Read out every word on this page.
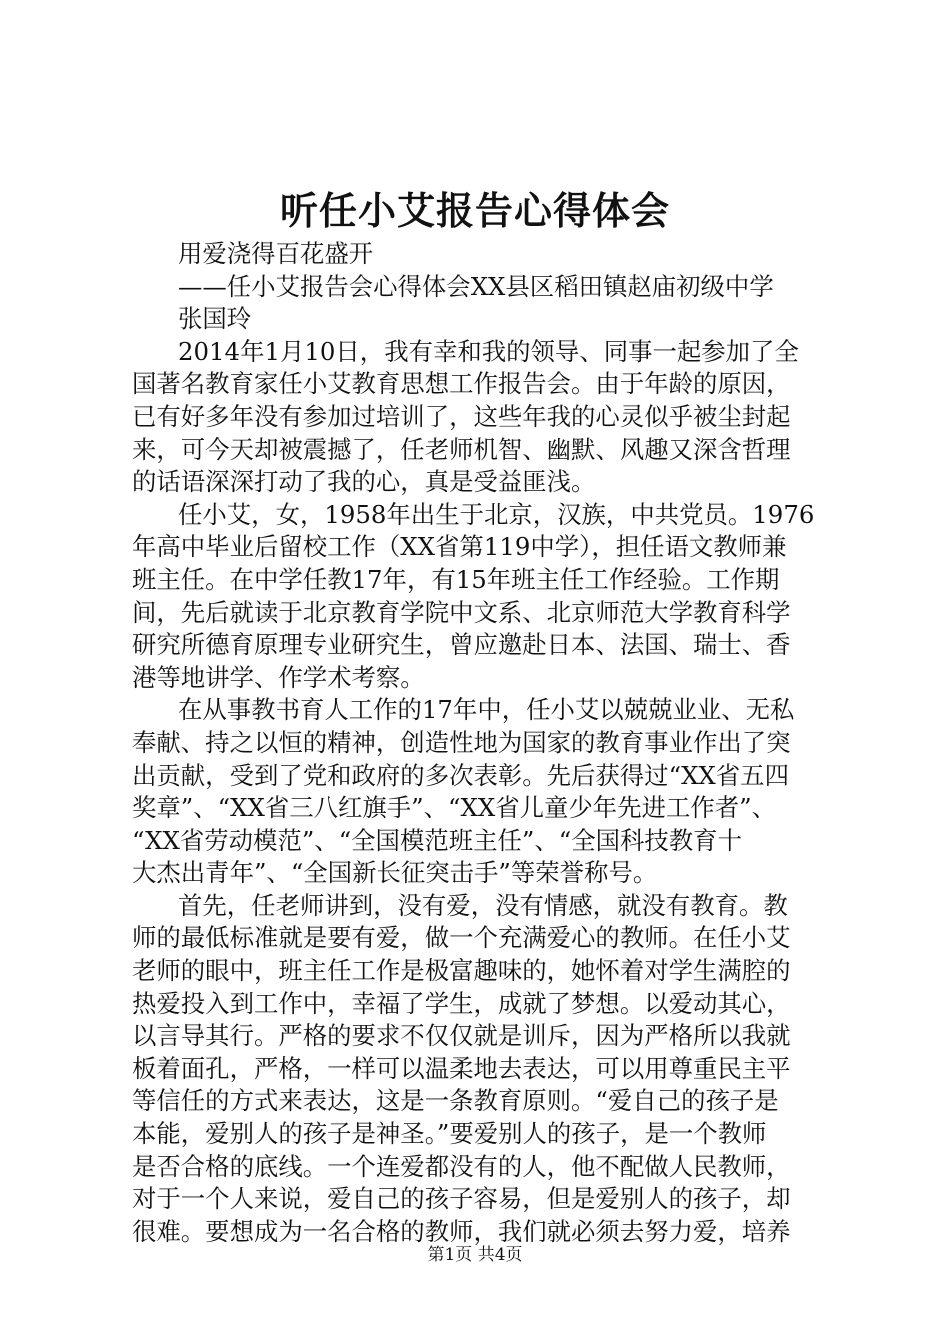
听任小艾报告心得体会
用爱浇得百花盛开
——任小艾报告会心得体会XX县区稻田镇赵庙初级中学
张国玲
2014年1月10日，我有幸和我的领导、同事一起参加了全
国著名教育家任小艾教育思想工作报告会。由于年龄的原因，
已有好多年没有参加过培训了，这些年我的心灵似乎被尘封起
来，可今天却被震撼了，任老师机智、幽默、风趣又深含哲理
的话语深深打动了我的心，真是受益匪浅。
任小艾，女，1958年出生于北京，汉族，中共党员。1976
年高中毕业后留校工作（XX省第119中学），担任语文教师兼
班主任。在中学任教17年，有15年班主任工作经验。工作期
间，先后就读于北京教育学院中文系、北京师范大学教育科学
研究所德育原理专业研究生，曾应邀赴日本、法国、瑞士、香
港等地讲学、作学术考察。
在从事教书育人工作的17年中，任小艾以兢兢业业、无私
奉献、持之以恒的精神，创造性地为国家的教育事业作出了突
出贡献，受到了党和政府的多次表彰。先后获得过“XX省五四
奖章”、“XX省三八红旗手”、“XX省儿童少年先进工作者”、
“XX省劳动模范”、“全国模范班主任”、“全国科技教育十
大杰出青年”、“全国新长征突击手”等荣誉称号。
首先，任老师讲到，没有爱，没有情感，就没有教育。教
师的最低标准就是要有爱，做一个充满爱心的教师。在任小艾
老师的眼中，班主任工作是极富趣味的，她怀着对学生满腔的
热爱投入到工作中，幸福了学生，成就了梦想。以爱动其心，
以言导其行。严格的要求不仅仅就是训斥，因为严格所以我就
板着面孔，严格，一样可以温柔地去表达，可以用尊重民主平
等信任的方式来表达，这是一条教育原则。“爱自己的孩子是
本能，爱别人的孩子是神圣。”要爱别人的孩子，是一个教师
是否合格的底线。一个连爱都没有的人，他不配做人民教师，
对于一个人来说，爱自己的孩子容易，但是爱别人的孩子，却
很难。要想成为一名合格的教师，我们就必须去努力爱，培养
第1页 共4页
